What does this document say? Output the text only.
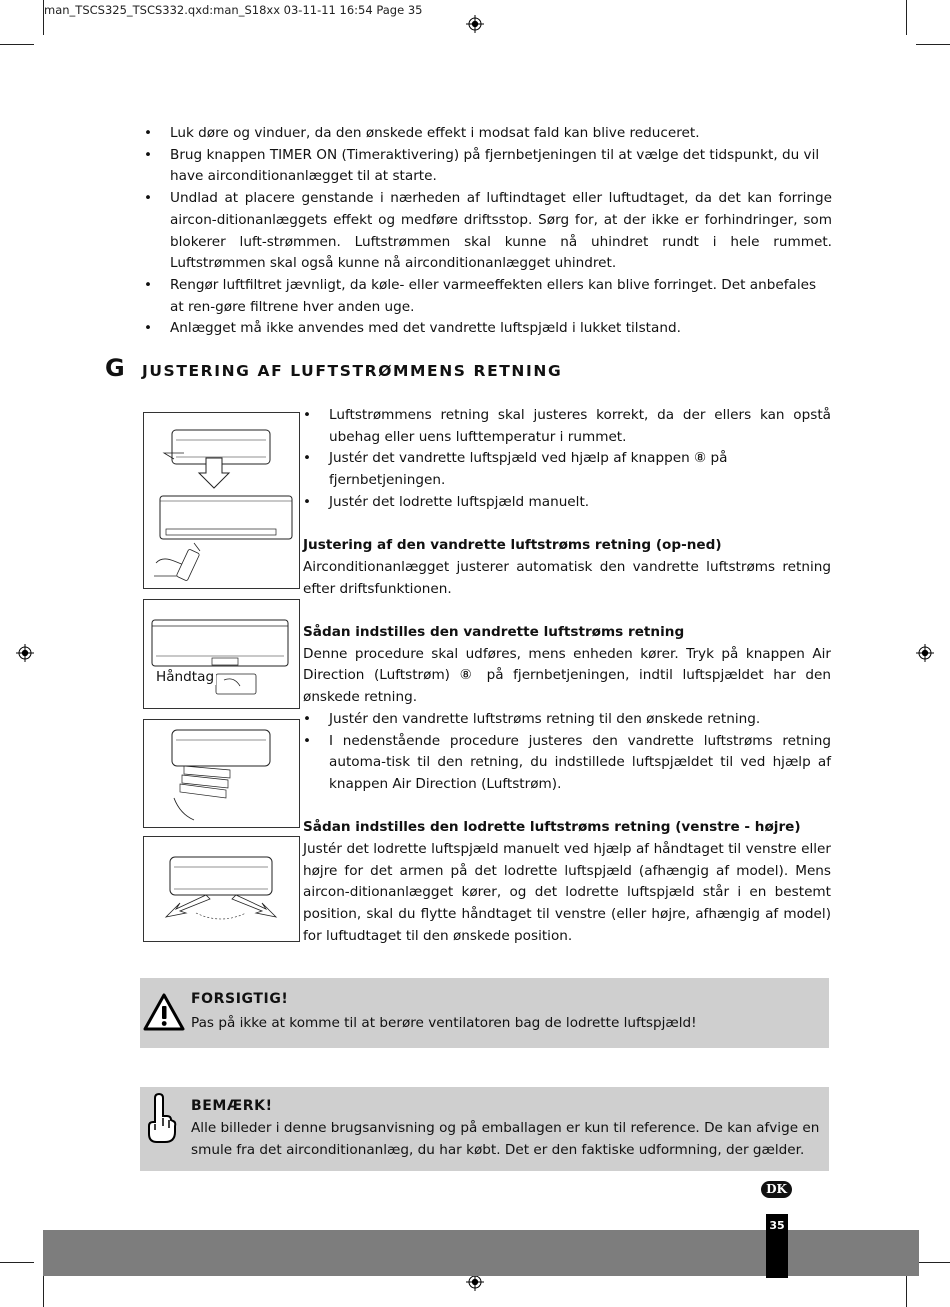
man_TSCS325_TSCS332.qxd:man_S18xx 03-11-11 16:54 Page 35
• Luk døre og vinduer, da den ønskede effekt i modsat fald kan blive reduceret.
• Brug knappen TIMER ON (Timeraktivering) på fjernbetjeningen til at vælge det tidspunkt, du vil have airconditionanlægget til at starte.
• Undlad at placere genstande i nærheden af luftindtaget eller luftudtaget, da det kan forringe aircon-ditionanlæggets effekt og medføre driftsstop. Sørg for, at der ikke er forhindringer, som blokerer luft-strømmen. Luftstrømmen skal kunne nå uhindret rundt i hele rummet. Luftstrømmen skal også kunne nå airconditionanlægget uhindret.
• Rengør luftfiltret jævnligt, da køle- eller varmeeffekten ellers kan blive forringet. Det anbefales at ren-gøre filtrene hver anden uge.
• Anlægget må ikke anvendes med det vandrette luftspjæld i lukket tilstand.
G JUSTERING AF LUFTSTRØMMENS RETNING
Håndtag
• Luftstrømmens retning skal justeres korrekt, da der ellers kan opstå ubehag eller uens lufttemperatur i rummet.
• Justér det vandrette luftspjæld ved hjælp af knappen ⑧ på fjernbetjeningen.
• Justér det lodrette luftspjæld manuelt.

Justering af den vandrette luftstrøms retning (op-ned)

Airconditionanlægget justerer automatisk den vandrette luftstrøms retning efter driftsfunktionen.

Sådan indstilles den vandrette luftstrøms retning

Denne procedure skal udføres, mens enheden kører. Tryk på knappen Air Direction (Luftstrøm) ⑧ på fjernbetjeningen, indtil luftspjældet har den ønskede retning.

• Justér den vandrette luftstrøms retning til den ønskede retning.
• I nedenstående procedure justeres den vandrette luftstrøms retning automa-tisk til den retning, du indstillede luftspjældet til ved hjælp af knappen Air Direction (Luftstrøm).

Sådan indstilles den lodrette luftstrøms retning (venstre - højre)

Justér det lodrette luftspjæld manuelt ved hjælp af håndtaget til venstre eller højre for det armen på det lodrette luftspjæld (afhængig af model). Mens aircon-ditionanlægget kører, og det lodrette luftspjæld står i en bestemt position, skal du flytte håndtaget til venstre (eller højre, afhængig af model) for luftudtaget til den ønskede position.

FORSIGTIG!
Pas på ikke at komme til at berøre ventilatoren bag de lodrette luftspjæld!
BEMÆRK!
Alle billeder i denne brugsanvisning og på emballagen er kun til reference. De kan afvige en
smule fra det airconditionanlæg, du har købt. Det er den faktiske udformning, der gælder.
DK
35
